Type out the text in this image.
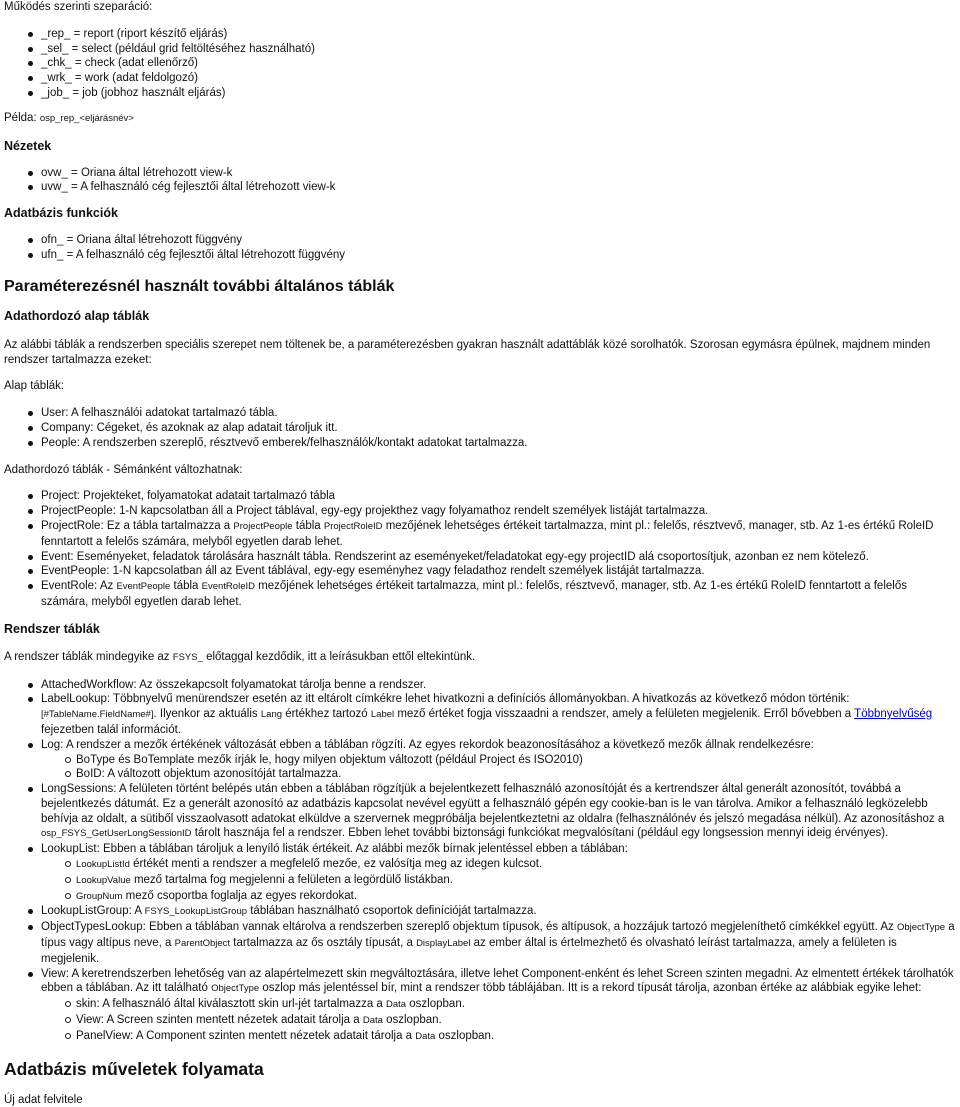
Működés szerinti szeparáció:

_rep_ = report (riport készítő eljárás)
_sel_ = select (például grid feltöltéséhez használható)
_chk_ = check (adat ellenőrző)
_wrk_ = work (adat feldolgozó)
_job_ = job (jobhoz használt eljárás)

Példa: osp_rep_<eljárásnév>

Nézetek
ovw_ = Oriana által létrehozott view-k
uvw_ = A felhasználó cég fejlesztői által létrehozott view-k
Adatbázis funkciók
ofn_ = Oriana által létrehozott függvény
ufn_ = A felhasználó cég fejlesztői által létrehozott függvény
Paraméterezésnél használt további általános táblák
Adathordozó alap táblák

Az alábbi táblák a rendszerben speciális szerepet nem töltenek be, a paraméterezésben gyakran használt adattáblák közé sorolhatók. Szorosan egymásra épülnek, majdnem minden rendszer tartalmazza ezeket:

Alap táblák:

User: A felhasználói adatokat tartalmazó tábla.
Company: Cégeket, és azoknak az alap adatait tároljuk itt.
People: A rendszerben szereplő, résztvevő emberek/felhasználók/kontakt adatokat tartalmazza.

Adathordozó táblák - Sémánként változhatnak:

Project: Projekteket, folyamatokat adatait tartalmazó tábla
ProjectPeople: 1-N kapcsolatban áll a Project táblával, egy-egy projekthez vagy folyamathoz rendelt személyek listáját tartalmazza.
ProjectRole: Ez a tábla tartalmazza a ProjectPeople tábla ProjectRoleID mezőjének lehetséges értékeit tartalmazza, mint pl.: felelős, résztvevő, manager, stb. Az 1-es értékű RoleID fenntartott a felelős számára, melyből egyetlen darab lehet.
Event: Eseményeket, feladatok tárolására használt tábla. Rendszerint az eseményeket/feladatokat egy-egy projectID alá csoportosítjuk, azonban ez nem kötelező.
EventPeople: 1-N kapcsolatban áll az Event táblával, egy-egy eseményhez vagy feladathoz rendelt személyek listáját tartalmazza.
EventRole: Az EventPeople tábla EventRoleID mezőjének lehetséges értékeit tartalmazza, mint pl.: felelős, résztvevő, manager, stb. Az 1-es értékű RoleID fenntartott a felelős számára, melyből egyetlen darab lehet.
Rendszer táblák

A rendszer táblák mindegyike az FSYS_ előtaggal kezdődik, itt a leírásukban ettől eltekintünk.

AttachedWorkflow: Az összekapcsolt folyamatokat tárolja benne a rendszer.
LabelLookup: Többnyelvű menürendszer esetén az itt eltárolt címkékre lehet hivatkozni a definíciós állományokban. A hivatkozás az következő módon történik: [#TableName.FieldName#]. Ilyenkor az aktuális Lang értékhez tartozó Label mező értéket fogja visszaadni a rendszer, amely a felületen megjelenik. Erről bővebben a Többnyelvűség fejezetben talál információt.
Log: A rendszer a mezők értékének változását ebben a táblában rögzíti. Az egyes rekordok beazonosításához a következő mezők állnak rendelkezésre:
BoType és BoTemplate mezők írják le, hogy milyen objektum változott (például Project és ISO2010)
BoID: A változott objektum azonosítóját tartalmazza.
LongSessions: A felületen történt belépés után ebben a táblában rögzítjük a bejelentkezett felhasználó azonosítóját és a kertrendszer által generált azonosítót, továbbá a bejelentkezés dátumát. Ez a generált azonosító az adatbázis kapcsolat nevével együtt a felhasználó gépén egy cookie-ban is le van tárolva. Amikor a felhasználó legközelebb behívja az oldalt, a sütiből visszaolvasott adatokat elküldve a szervernek megpróbálja bejelentkeztetni az oldalra (felhasználónév és jelszó megadása nélkül). Az azonosításhoz a osp_FSYS_GetUserLongSessionID tárolt hasznája fel a rendszer. Ebben lehet további biztonsági funkciókat megvalósítani (például egy longsession mennyi ideig érvényes).
LookupList: Ebben a táblában tároljuk a lenyíló listák értékeit. Az alábbi mezők bírnak jelentéssel ebben a táblában:
LookupListId értékét menti a rendszer a megfelelő mezőe, ez valósítja meg az idegen kulcsot.
LookupValue mező tartalma fog megjelenni a felületen a legördülő listákban.
GroupNum mező csoportba foglalja az egyes rekordokat.
LookupListGroup: A FSYS_LookupListGroup táblában használható csoportok definícióját tartalmazza.
ObjectTypesLookup: Ebben a táblában vannak eltárolva a rendszerben szereplő objektum típusok, és altípusok, a hozzájuk tartozó megjeleníthető címkékkel együtt. Az ObjectType a típus vagy altípus neve, a ParentObject tartalmazza az ős osztály típusát, a DisplayLabel az ember által is értelmezhető és olvasható leírást tartalmazza, amely a felületen is megjelenik.
View: A keretrendszerben lehetőség van az alapértelmezett skin megváltoztására, illetve lehet Component-enként és lehet Screen szinten megadni. Az elmentett értékek tárolhatók ebben a táblában. Az itt található ObjectType oszlop más jelentéssel bír, mint a rendszer több táblájában. Itt is a rekord típusát tárolja, azonban értéke az alábbiak egyike lehet:
skin: A felhasználó által kiválasztott skin url-jét tartalmazza a Data oszlopban.
View: A Screen szinten mentett nézetek adatait tárolja a Data oszlopban.
PanelView: A Component szinten mentett nézetek adatait tárolja a Data oszlopban.
Adatbázis műveletek folyamata

Új adat felvitele
